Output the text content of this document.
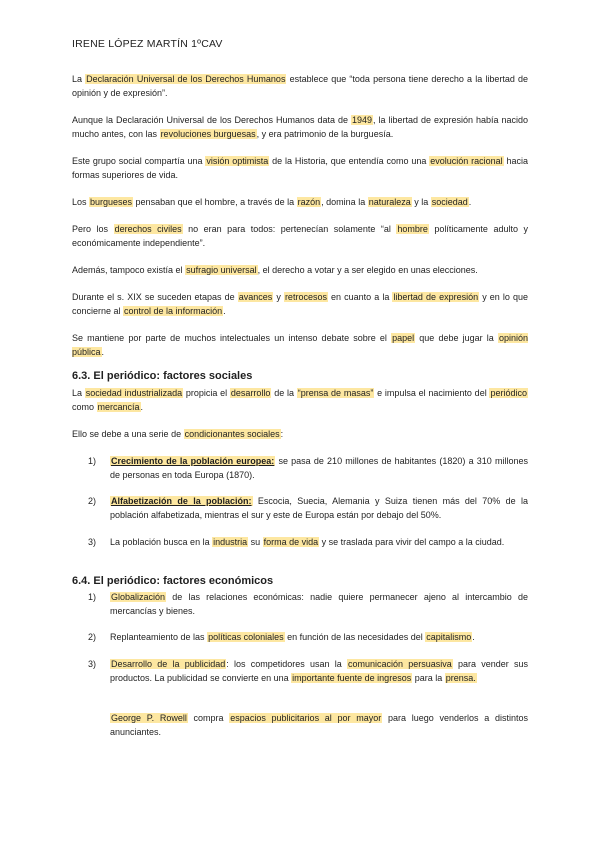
IRENE LÓPEZ MARTÍN 1ºCAV

La Declaración Universal de los Derechos Humanos establece que “toda persona tiene derecho a la libertad de opinión y de expresión”.

Aunque la Declaración Universal de los Derechos Humanos data de 1949, la libertad de expresión había nacido mucho antes, con las revoluciones burguesas, y era patrimonio de la burguesía.

Este grupo social compartía una visión optimista de la Historia, que entendía como una evolución racional hacia formas superiores de vida.

Los burgueses pensaban que el hombre, a través de la razón, domina la naturaleza y la sociedad.

Pero los derechos civiles no eran para todos: pertenecían solamente “al hombre políticamente adulto y económicamente independiente”.

Además, tampoco existía el sufragio universal, el derecho a votar y a ser elegido en unas elecciones.

Durante el s. XIX se suceden etapas de avances y retrocesos en cuanto a la libertad de expresión y en lo que concierne al control de la información.

Se mantiene por parte de muchos intelectuales un intenso debate sobre el papel que debe jugar la opinión pública.

6.3. El periódico: factores sociales

La sociedad industrializada propicia el desarrollo de la “prensa de masas” e impulsa el nacimiento del periódico como mercancía.

Ello se debe a una serie de condicionantes sociales:

1)	Crecimiento de la población europea: se pasa de 210 millones de habitantes (1820) a 310 millones de personas en toda Europa (1870).
2)	Alfabetización de la población: Escocia, Suecia, Alemania y Suiza tienen más del 70% de la población alfabetizada, mientras el sur y este de Europa están por debajo del 50%.
3)	La población busca en la industria su forma de vida y se traslada para vivir del campo a la ciudad.
6.4. El periódico: factores económicos
1)	Globalización de las relaciones económicas: nadie quiere permanecer ajeno al intercambio de mercancías y bienes.
2)	Replanteamiento de las políticas coloniales en función de las necesidades del capitalismo.
3)	Desarrollo de la publicidad: los competidores usan la comunicación persuasiva para vender sus productos. La publicidad se convierte en una importante fuente de ingresos para la prensa.

George P. Rowell compra espacios publicitarios al por mayor para luego venderlos a distintos anunciantes.
